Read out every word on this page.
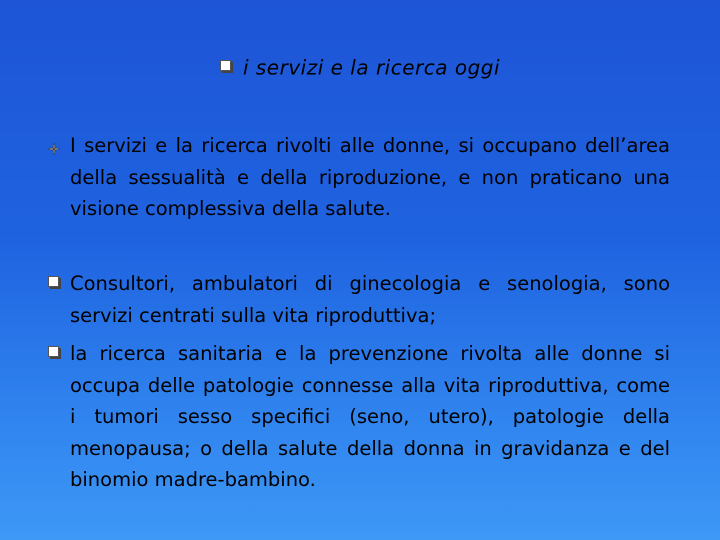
i servizi e la ricerca oggi
I servizi e la ricerca rivolti alle donne, si occupano dell’area della sessualità e della riproduzione, e non praticano una visione complessiva della salute.
Consultori, ambulatori di ginecologia e senologia, sono servizi centrati sulla vita riproduttiva;
la ricerca sanitaria e la prevenzione rivolta alle donne si occupa delle patologie connesse alla vita riproduttiva, come i tumori sesso specifici (seno, utero), patologie della menopausa; o della salute della donna in gravidanza e del binomio madre-bambino.
